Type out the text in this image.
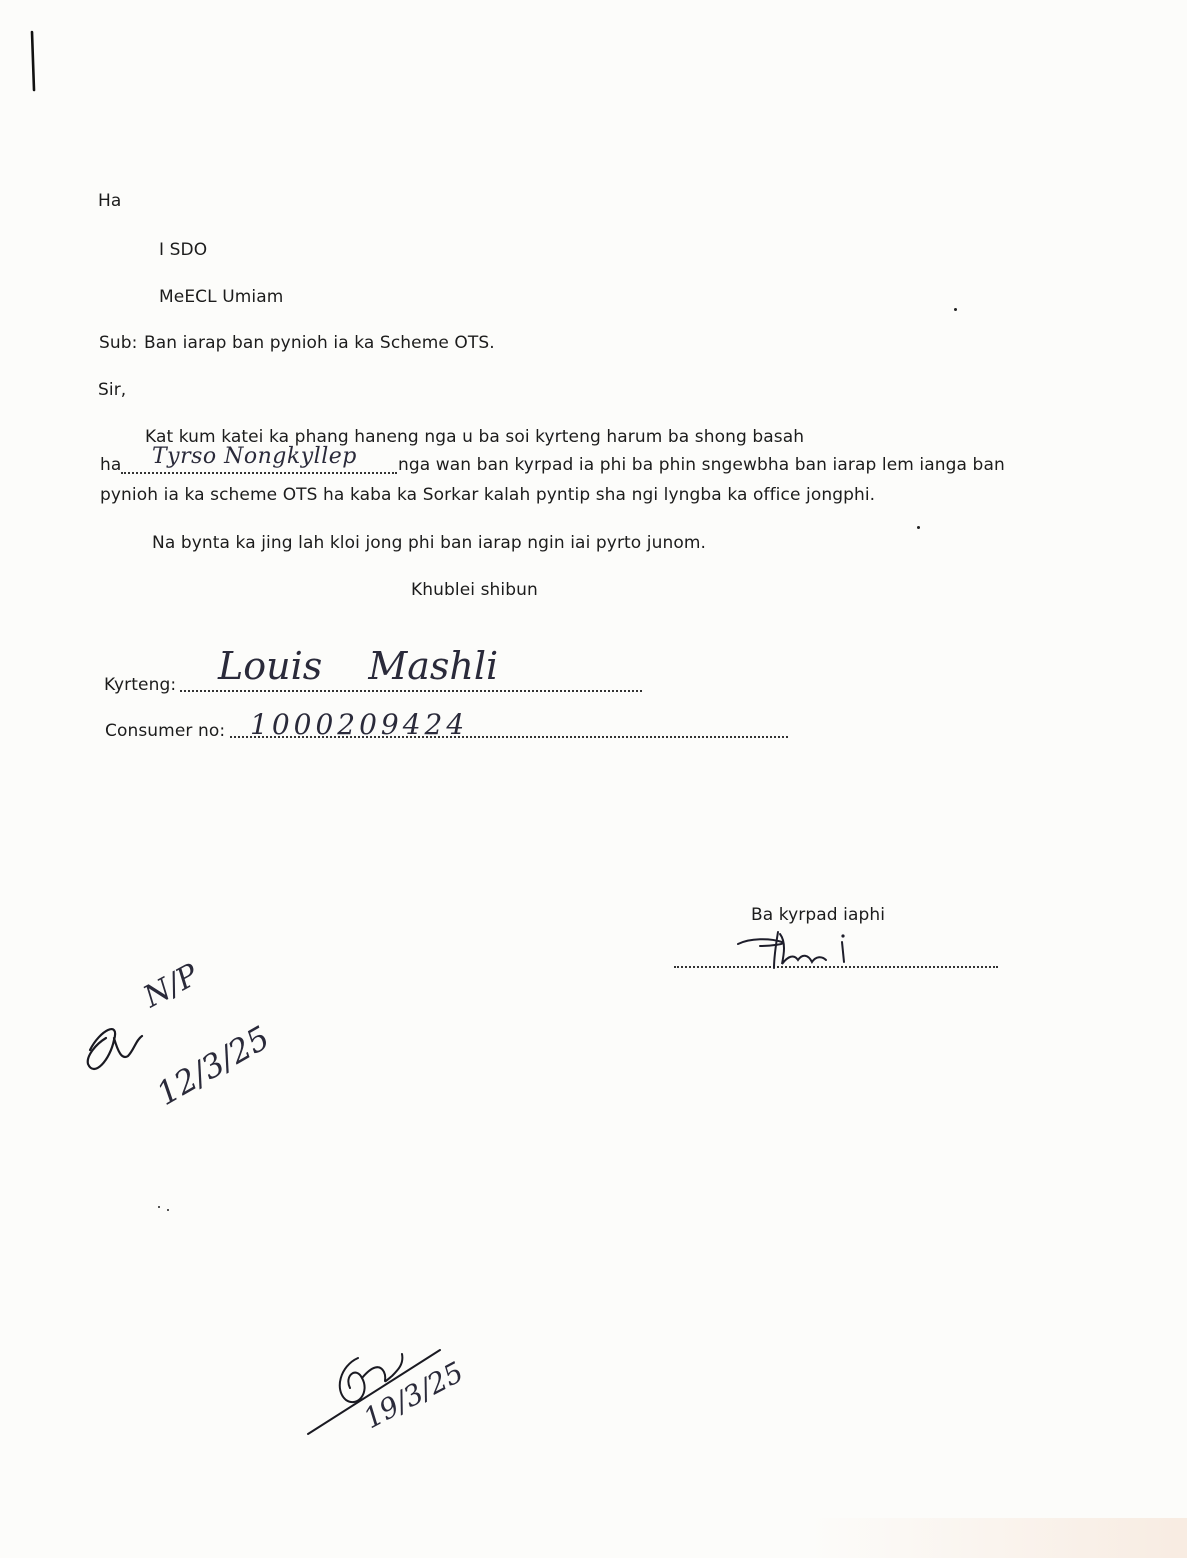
Ha
I SDO
MeECL Umiam
Sub: Ban iarap ban pynioh ia ka Scheme OTS.
Sir,
Kat kum katei ka phang haneng nga u ba soi kyrteng harum ba shong basah
ha Tyrso Nongkyllep nga wan ban kyrpad ia phi ba phin sngewbha ban iarap lem ianga ban
pynioh ia ka scheme OTS ha kaba ka Sorkar kalah pyntip sha ngi lyngba ka office jongphi.
Na bynta ka jing lah kloi jong phi ban iarap ngin iai pyrto junom.
Khublei shibun
Kyrteng: Louis Mashli
Consumer no: 1000209424
Ba kyrpad iaphi
N/P
12/3/25
19/3/25
